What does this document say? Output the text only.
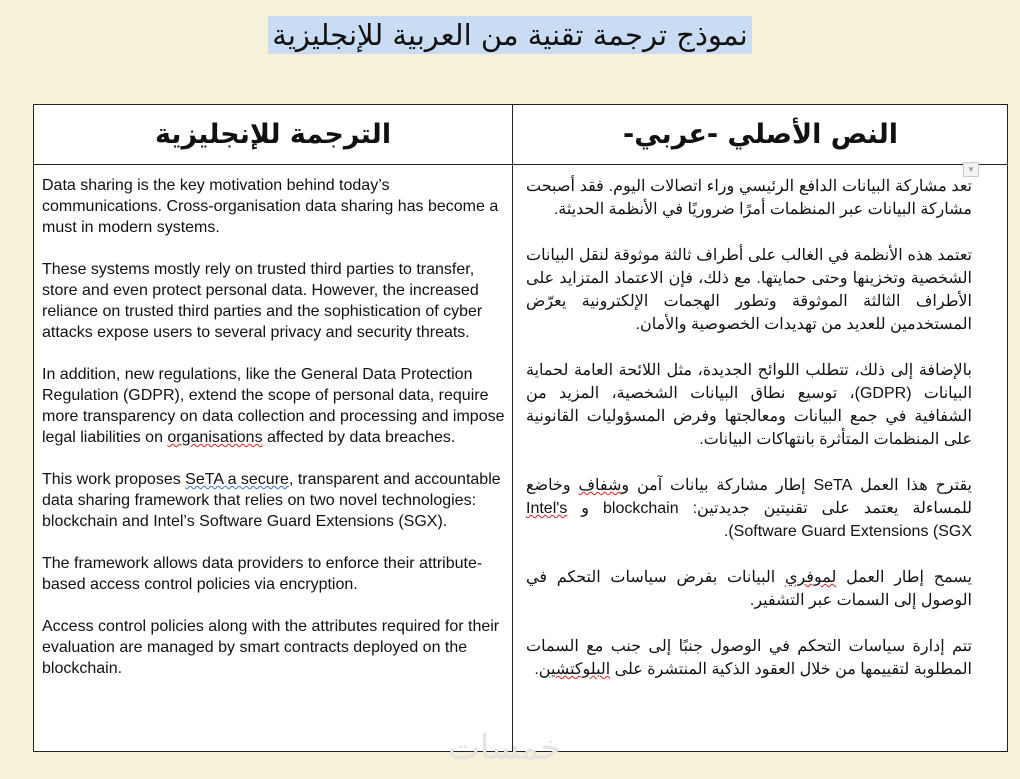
نموذج ترجمة تقنية من العربية للإنجليزية
الترجمة للإنجليزية	النص الأصلي -عربي-

Data sharing is the key motivation behind today’s communications. Cross-organisation data sharing has become a must in modern systems.

These systems mostly rely on trusted third parties to transfer, store and even protect personal data. However, the increased reliance on trusted third parties and the sophistication of cyber attacks expose users to several privacy and security threats.

In addition, new regulations, like the General Data Protection Regulation (GDPR), extend the scope of personal data, require more transparency on data collection and processing and impose legal liabilities on organisations affected by data breaches.

This work proposes SeTA a secure, transparent and accountable data sharing framework that relies on two novel technologies: blockchain and Intel’s Software Guard Extensions (SGX).

The framework allows data providers to enforce their attribute-based access control policies via encryption.

Access control policies along with the attributes required for their evaluation are managed by smart contracts deployed on the blockchain.

▼

تعد مشاركة البيانات الدافع الرئيسي وراء اتصالات اليوم. فقد أصبحت مشاركة البيانات عبر المنظمات أمرًا ضروريًا في الأنظمة الحديثة.

تعتمد هذه الأنظمة في الغالب على أطراف ثالثة موثوقة لنقل البيانات الشخصية وتخزينها وحتى حمايتها. مع ذلك، فإن الاعتماد المتزايد على الأطراف الثالثة الموثوقة وتطور الهجمات الإلكترونية يعرّض المستخدمين للعديد من تهديدات الخصوصية والأمان.

بالإضافة إلى ذلك، تتطلب اللوائح الجديدة، مثل اللائحة العامة لحماية البيانات (GDPR)، توسيع نطاق البيانات الشخصية، المزيد من الشفافية في جمع البيانات ومعالجتها وفرض المسؤوليات القانونية على المنظمات المتأثرة بانتهاكات البيانات.

يقترح هذا العمل SeTA إطار مشاركة بيانات آمن وشفاف وخاضع للمساءلة يعتمد على تقنيتين جديدتين: blockchain و Intel's (Software Guard Extensions (SGX.

يسمح إطار العمل لموفري البيانات بفرض سياسات التحكم في الوصول إلى السمات عبر التشفير.

تتم إدارة سياسات التحكم في الوصول جنبًا إلى جنب مع السمات المطلوبة لتقييمها من خلال العقود الذكية المنتشرة على البلوكتشين.

خمسات
